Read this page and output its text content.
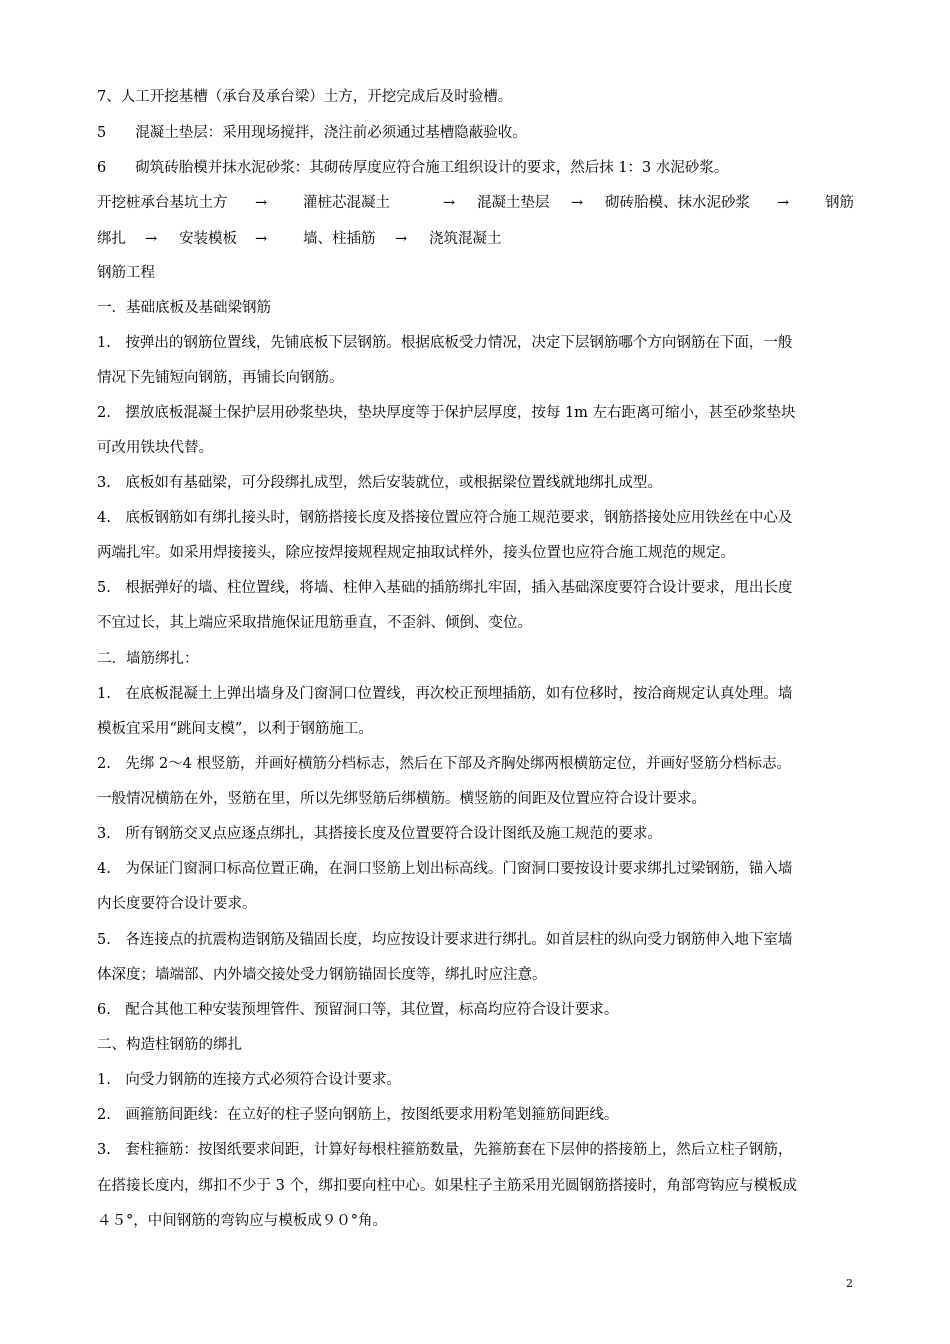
7、人工开挖基槽（承台及承台梁）土方，开挖完成后及时验槽。
5　　混凝土垫层：采用现场搅拌，浇注前必须通过基槽隐蔽验收。
6　　砌筑砖胎模并抹水泥砂浆：其砌砖厚度应符合施工组织设计的要求，然后抹 1：3 水泥砂浆。
开挖桩承台基坑土方 → 灌桩芯混凝土	→ 混凝土垫层 → 砌砖胎模、抹水泥砂浆 → 钢筋
绑扎 → 安装模板 → 墙、柱插筋 → 浇筑混凝土
钢筋工程
一．基础底板及基础梁钢筋
1.　按弹出的钢筋位置线，先铺底板下层钢筋。根据底板受力情况，决定下层钢筋哪个方向钢筋在下面，一般
情况下先铺短向钢筋，再铺长向钢筋。
2.　摆放底板混凝土保护层用砂浆垫块，垫块厚度等于保护层厚度，按每 1m 左右距离可缩小，甚至砂浆垫块
可改用铁块代替。
3.　底板如有基础梁，可分段绑扎成型，然后安装就位，或根据梁位置线就地绑扎成型。
4.　底板钢筋如有绑扎接头时，钢筋搭接长度及搭接位置应符合施工规范要求，钢筋搭接处应用铁丝在中心及
两端扎牢。如采用焊接接头，除应按焊接规程规定抽取试样外，接头位置也应符合施工规范的规定。
5.　根据弹好的墙、柱位置线，将墙、柱伸入基础的插筋绑扎牢固，插入基础深度要符合设计要求，甩出长度
不宜过长，其上端应采取措施保证甩筋垂直，不歪斜、倾倒、变位。
二．墙筋绑扎：
1.　在底板混凝土上弹出墙身及门窗洞口位置线，再次校正预埋插筋，如有位移时，按洽商规定认真处理。墙
模板宜采用“跳间支模”，以利于钢筋施工。
2.　先绑 2～4 根竖筋，并画好横筋分档标志，然后在下部及齐胸处绑两根横筋定位，并画好竖筋分档标志。
一般情况横筋在外，竖筋在里，所以先绑竖筋后绑横筋。横竖筋的间距及位置应符合设计要求。
3.　所有钢筋交叉点应逐点绑扎，其搭接长度及位置要符合设计图纸及施工规范的要求。
4.　为保证门窗洞口标高位置正确，在洞口竖筋上划出标高线。门窗洞口要按设计要求绑扎过梁钢筋，锚入墙
内长度要符合设计要求。
5.　各连接点的抗震构造钢筋及锚固长度，均应按设计要求进行绑扎。如首层柱的纵向受力钢筋伸入地下室墙
体深度；墙端部、内外墙交接处受力钢筋锚固长度等，绑扎时应注意。
6.　配合其他工种安装预埋管件、预留洞口等，其位置，标高均应符合设计要求。
二、构造柱钢筋的绑扎
1.　向受力钢筋的连接方式必须符合设计要求。
2.　画箍筋间距线：在立好的柱子竖向钢筋上，按图纸要求用粉笔划箍筋间距线。
3.　套柱箍筋：按图纸要求间距，计算好每根柱箍筋数量，先箍筋套在下层伸的搭接筋上，然后立柱子钢筋，
在搭接长度内，绑扣不少于 3 个，绑扣要向柱中心。如果柱子主筋采用光圆钢筋搭接时，角部弯钩应与模板成
４５°，中间钢筋的弯钩应与模板成９０°角。
2
